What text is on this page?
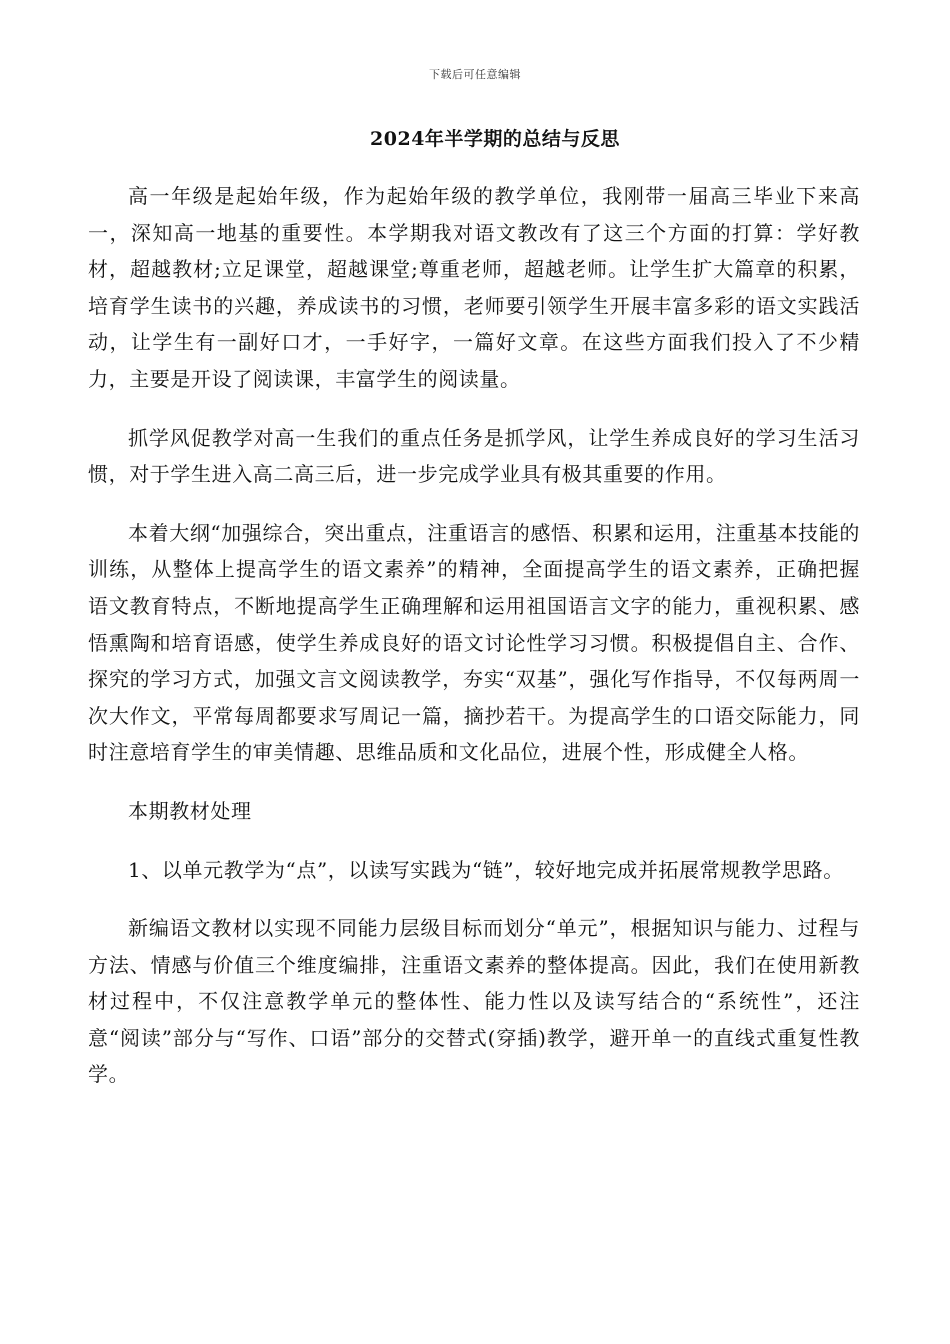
下载后可任意编辑
2024年半学期的总结与反思

高一年级是起始年级，作为起始年级的教学单位，我刚带一届高三毕业下来高一，深知高一地基的重要性。本学期我对语文教改有了这三个方面的打算：学好教材，超越教材;立足课堂，超越课堂;尊重老师，超越老师。让学生扩大篇章的积累，培育学生读书的兴趣，养成读书的习惯，老师要引领学生开展丰富多彩的语文实践活动，让学生有一副好口才，一手好字，一篇好文章。在这些方面我们投入了不少精力，主要是开设了阅读课，丰富学生的阅读量。

抓学风促教学对高一生我们的重点任务是抓学风，让学生养成良好的学习生活习惯，对于学生进入高二高三后，进一步完成学业具有极其重要的作用。

本着大纲“加强综合，突出重点，注重语言的感悟、积累和运用，注重基本技能的训练，从整体上提高学生的语文素养”的精神，全面提高学生的语文素养，正确把握语文教育特点，不断地提高学生正确理解和运用祖国语言文字的能力，重视积累、感悟熏陶和培育语感，使学生养成良好的语文讨论性学习习惯。积极提倡自主、合作、探究的学习方式，加强文言文阅读教学，夯实“双基”，强化写作指导，不仅每两周一次大作文，平常每周都要求写周记一篇，摘抄若干。为提高学生的口语交际能力，同时注意培育学生的审美情趣、思维品质和文化品位，进展个性，形成健全人格。

本期教材处理

1、以单元教学为“点”，以读写实践为“链”，较好地完成并拓展常规教学思路。

新编语文教材以实现不同能力层级目标而划分“单元”，根据知识与能力、过程与方法、情感与价值三个维度编排，注重语文素养的整体提高。因此，我们在使用新教材过程中，不仅注意教学单元的整体性、能力性以及读写结合的“系统性”，还注意“阅读”部分与“写作、口语”部分的交替式(穿插)教学，避开单一的直线式重复性教学。
